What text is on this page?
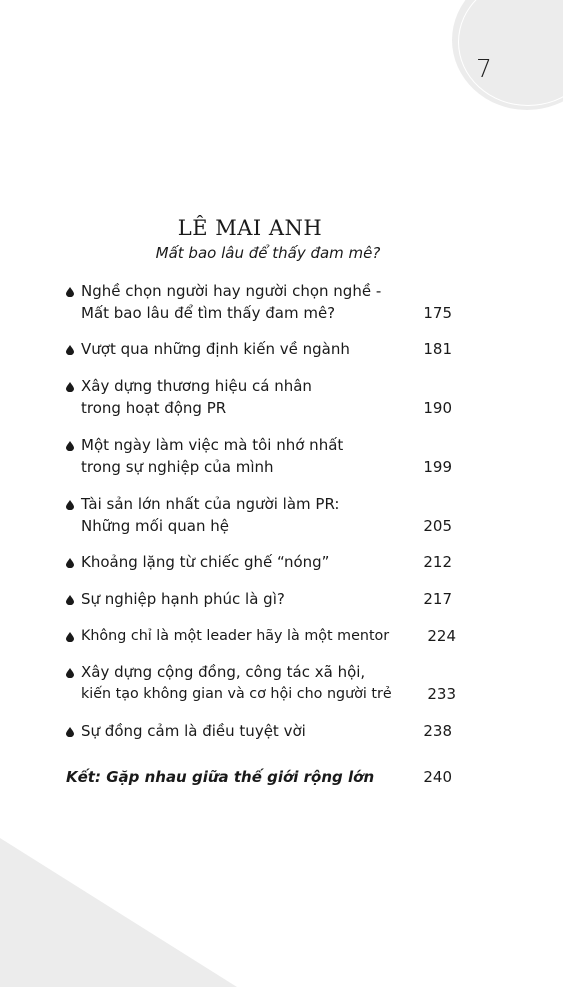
7
LÊ MAI ANH
Mất bao lâu để thấy đam mê?
Nghề chọn người hay người chọn nghề -
Mất bao lâu để tìm thấy đam mê?	175
Vượt qua những định kiến về ngành	181
Xây dựng thương hiệu cá nhân
trong hoạt động PR	190
Một ngày làm việc mà tôi nhớ nhất
trong sự nghiệp của mình	199
Tài sản lớn nhất của người làm PR:
Những mối quan hệ	205
Khoảng lặng từ chiếc ghế “nóng”	212
Sự nghiệp hạnh phúc là gì?	217
Không chỉ là một leader hãy là một mentor	224
Xây dựng cộng đồng, công tác xã hội,
kiến tạo không gian và cơ hội cho người trẻ 233
Sự đồng cảm là điều tuyệt vời	238
Kết: Gặp nhau giữa thế giới rộng lớn	240
